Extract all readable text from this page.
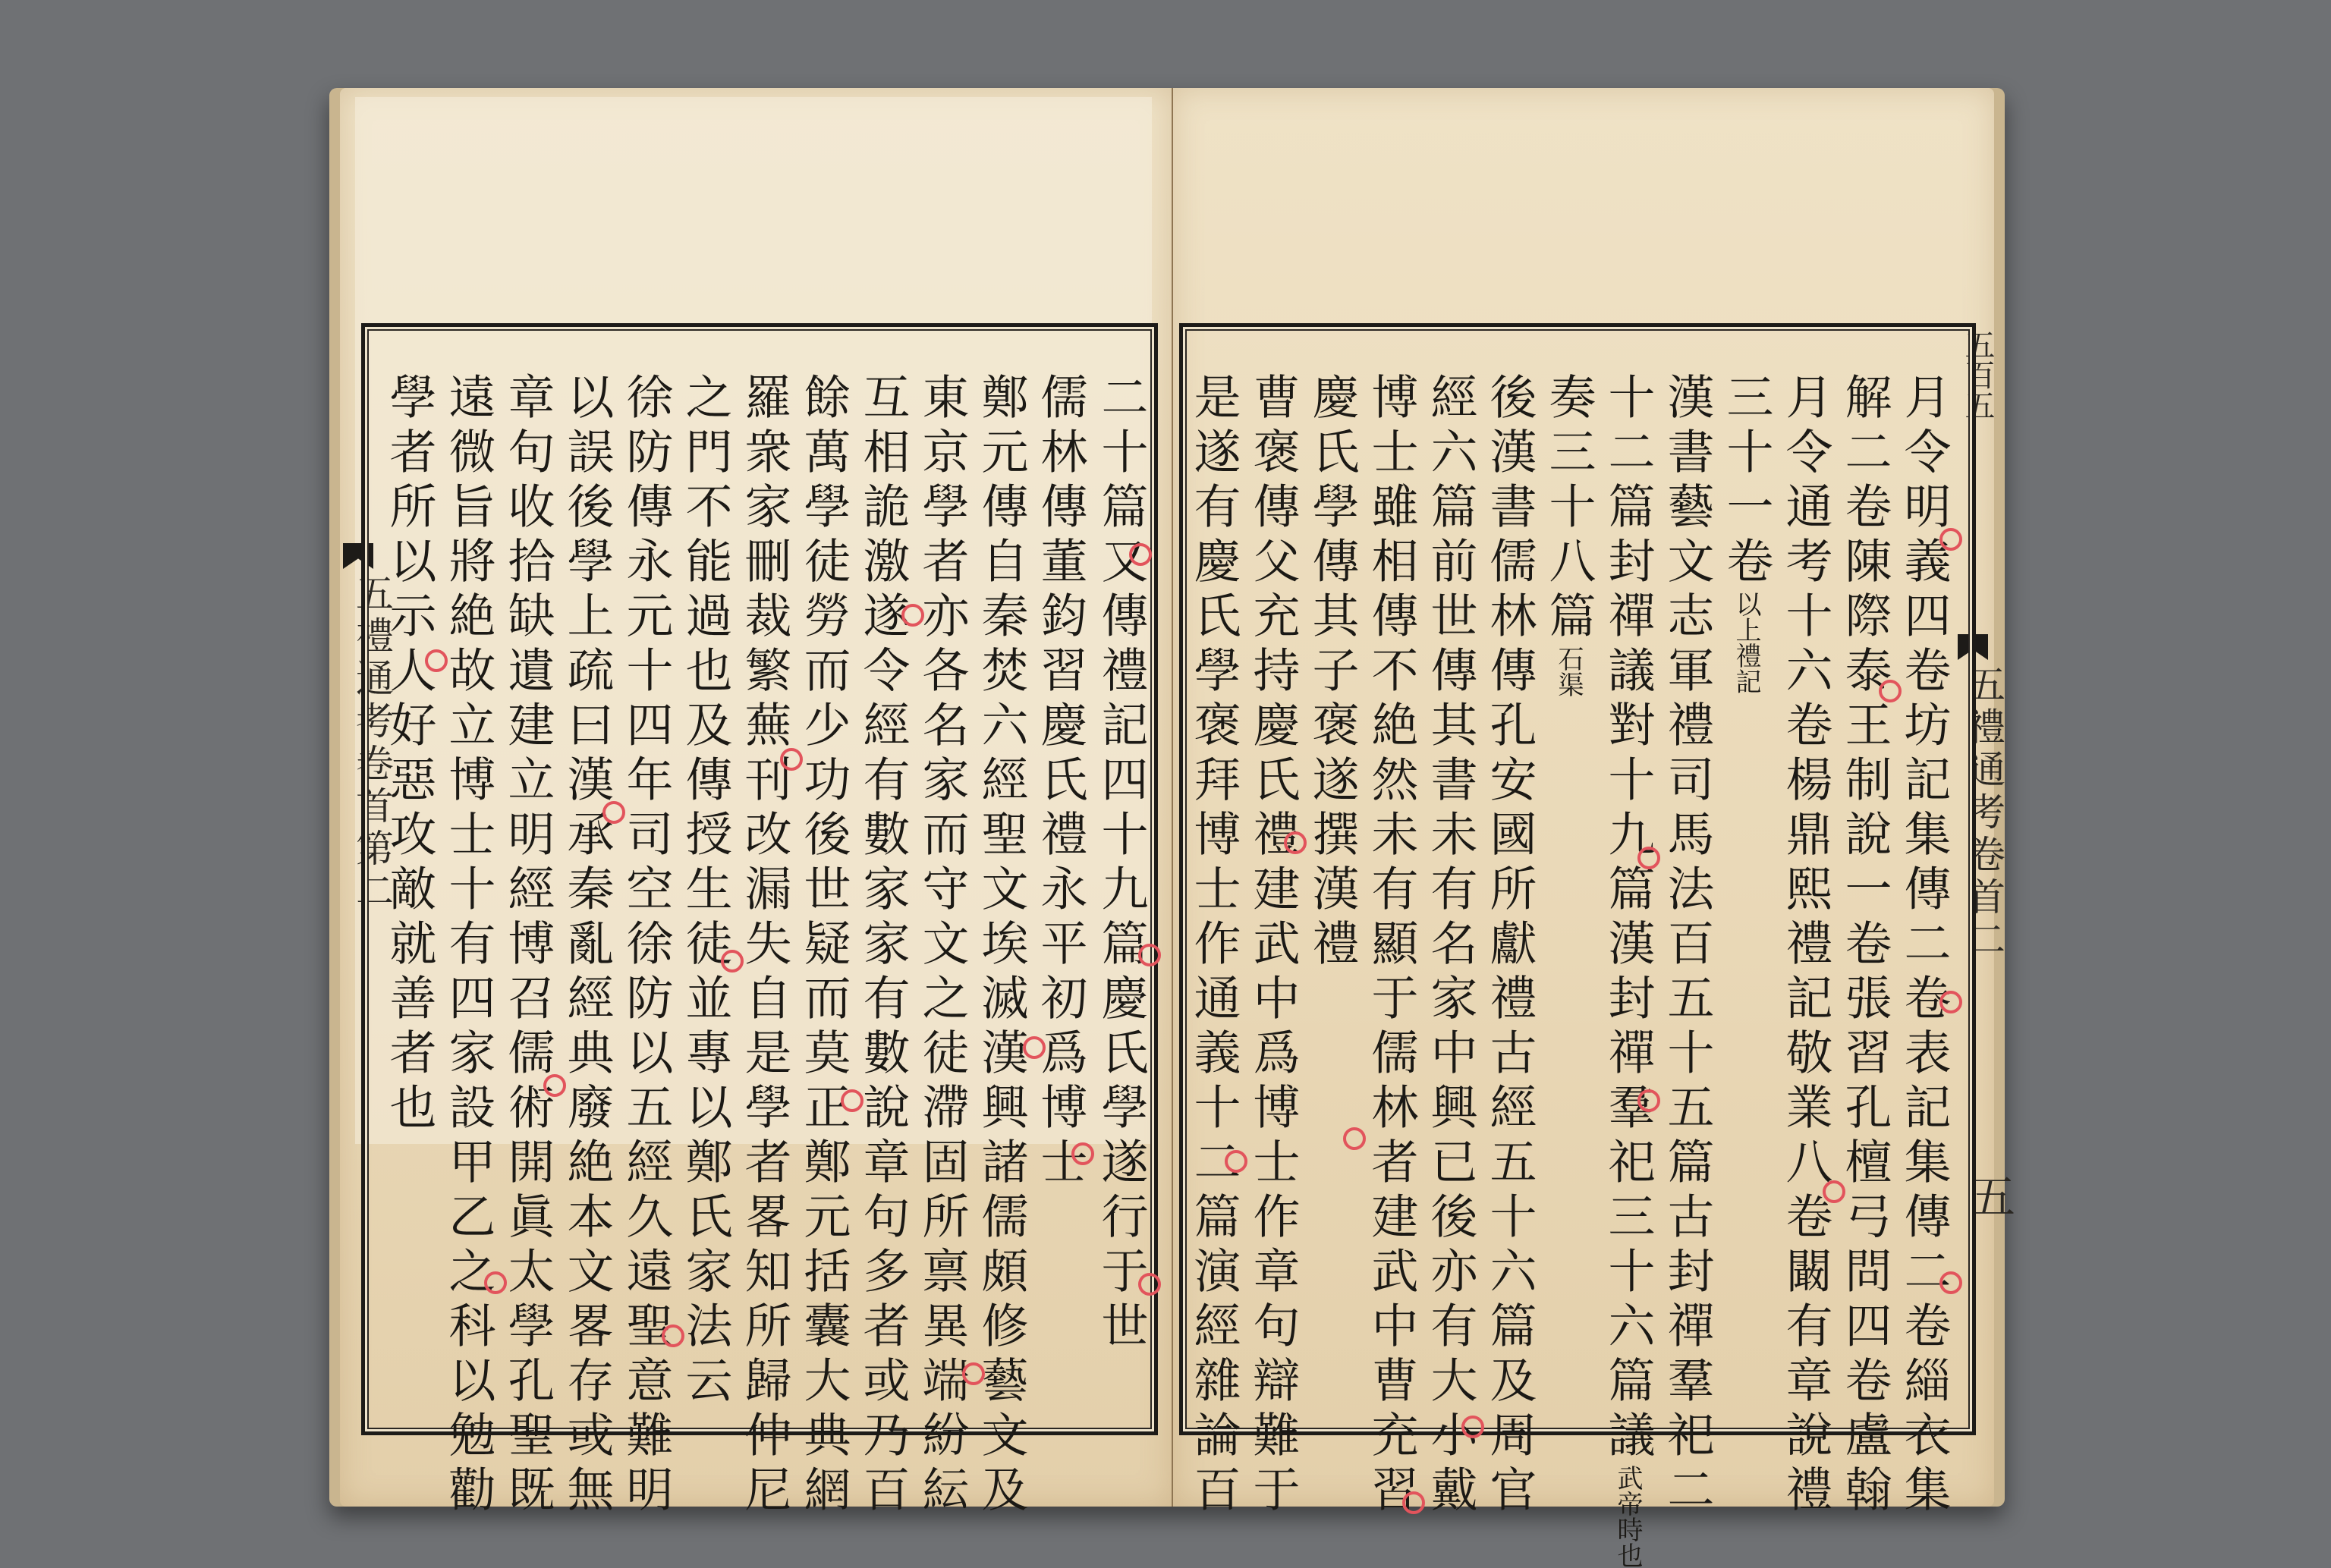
五禮通考卷首第二	二十篇又傳禮記四十九篇慶氏學遂行于世
儒林傳董鈞習慶氏禮永平初爲博士
鄭元傳自秦焚六經聖文埃滅漢興諸儒頗修藝文及
東京學者亦各名家而守文之徒滯固所禀異端紛紜
互相詭激遂令經有數家家有數說章句多者或乃百
餘萬學徒勞而少功後世疑而莫正鄭元括囊大典網
羅衆家刪裁繁蕪刊改漏失自是學者畧知所歸仲尼
之門不能過也及傳授生徒並專以鄭氏家法云
徐防傳永元十四年司空徐防以五經久遠聖意難明
以誤後學上疏曰漢承秦亂經典廢絶本文畧存或無
章句收拾缺遺建立明經博召儒術開眞太學孔聖既
遠微旨將絶故立博士十有四家設甲乙之科以勉勸
學者所以示人好惡攻敵就善者也	五百五
五禮通考卷首二
五
月令明義四卷坊記集傳二卷表記集傳二卷緇衣集
解二卷陳際泰王制說一卷張習孔檀弓問四卷盧翰
月令通考十六卷楊鼎熙禮記敬業八卷闞有章說禮
三十一卷以上禮記
漢書藝文志軍禮司馬法百五十五篇古封禪羣祀二
十二篇封禪議對十九篇漢封禪羣祀三十六篇議武帝時也
奏三十八篇石渠
後漢書儒林傳孔安國所獻禮古經五十六篇及周官
經六篇前世傳其書未有名家中興已後亦有大小戴
博士雖相傳不絶然未有顯于儒林者建武中曹充習
慶氏學傳其子褒遂撰漢禮
曹褒傳父充持慶氏禮建武中爲博士作章句辯難于
是遂有慶氏學褒拜博士作通義十二篇演經雜論百
